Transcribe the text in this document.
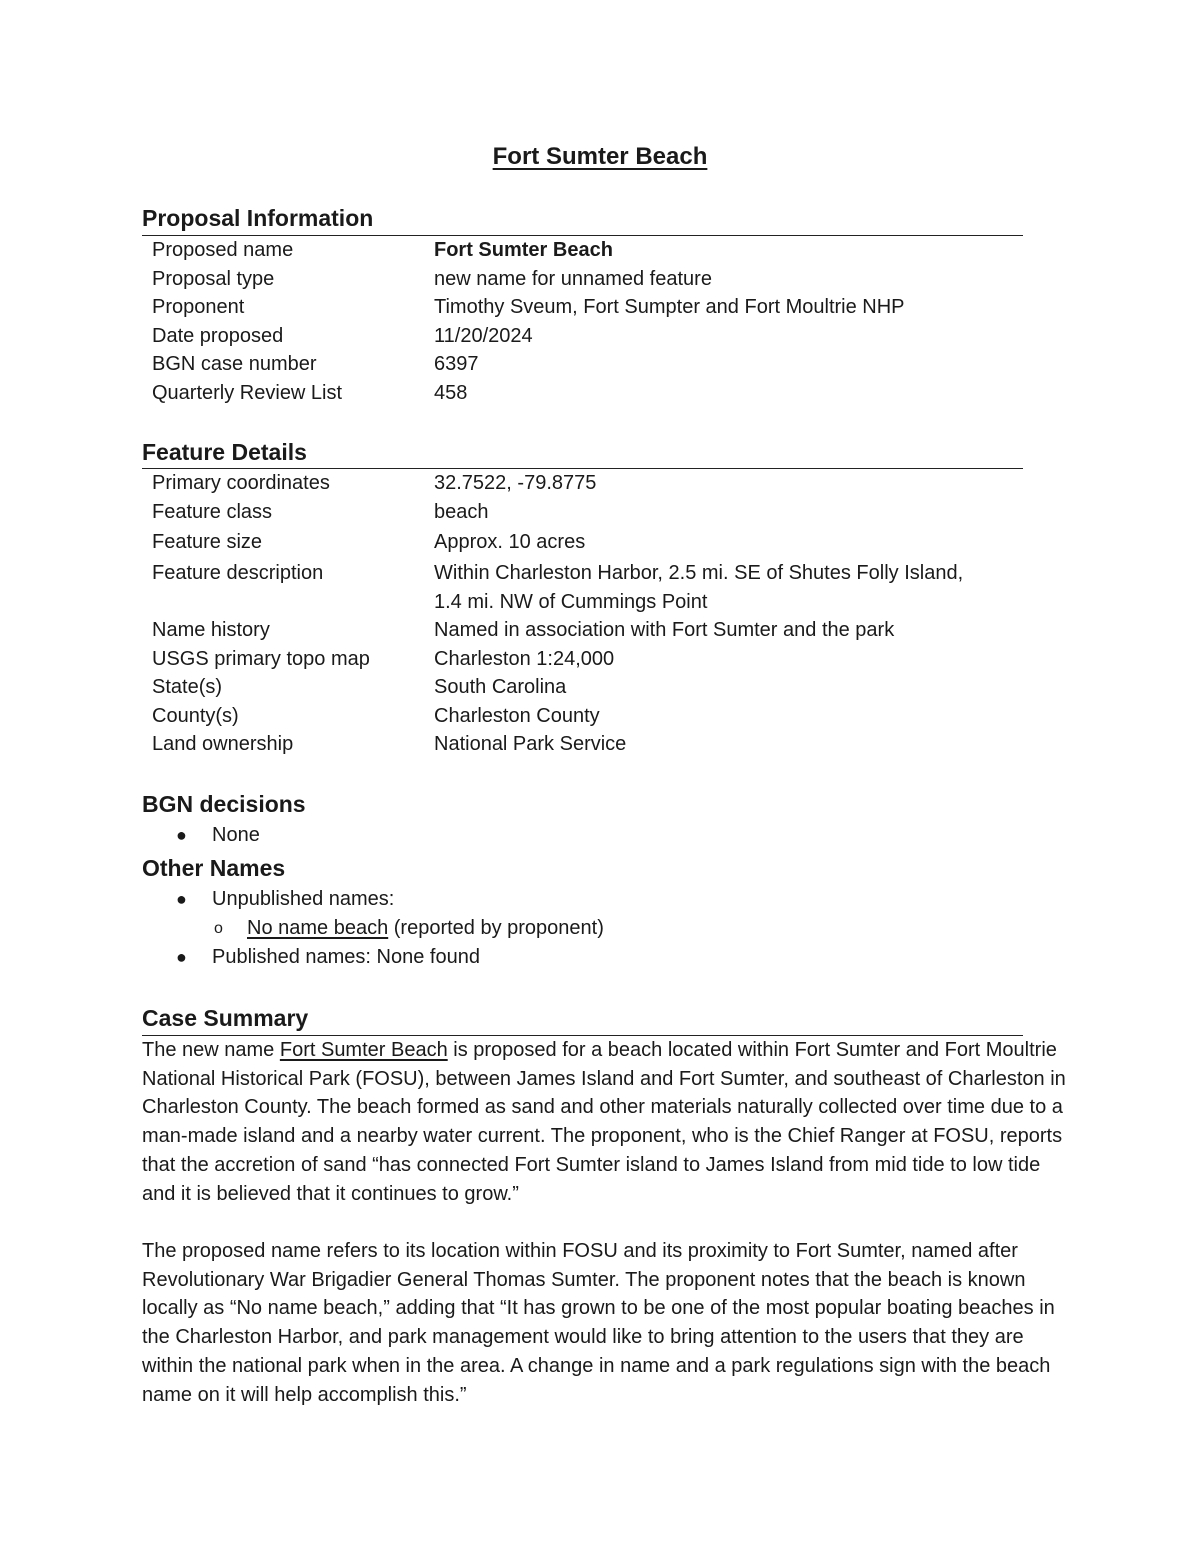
Fort Sumter Beach
Proposal Information
Proposed name	Fort Sumter Beach
Proposal type	new name for unnamed feature
Proponent	Timothy Sveum, Fort Sumpter and Fort Moultrie NHP
Date proposed	11/20/2024
BGN case number	6397
Quarterly Review List	458
Feature Details
Primary coordinates	32.7522, -79.8775
Feature class	beach
Feature size	Approx. 10 acres
Feature description	Within Charleston Harbor, 2.5 mi. SE of Shutes Folly Island,
1.4 mi. NW of Cummings Point
Name history	Named in association with Fort Sumter and the park
USGS primary topo map	Charleston 1:24,000
State(s)	South Carolina
County(s)	Charleston County
Land ownership	National Park Service
BGN decisions
● None
Other Names
● Unpublished names:
o No name beach (reported by proponent)
● Published names: None found
Case Summary

The new name Fort Sumter Beach is proposed for a beach located within Fort Sumter and Fort Moultrie National Historical Park (FOSU), between James Island and Fort Sumter, and southeast of Charleston in Charleston County. The beach formed as sand and other materials naturally collected over time due to a man-made island and a nearby water current. The proponent, who is the Chief Ranger at FOSU, reports that the accretion of sand “has connected Fort Sumter island to James Island from mid tide to low tide and it is believed that it continues to grow.”

The proposed name refers to its location within FOSU and its proximity to Fort Sumter, named after Revolutionary War Brigadier General Thomas Sumter. The proponent notes that the beach is known locally as “No name beach,” adding that “It has grown to be one of the most popular boating beaches in the Charleston Harbor, and park management would like to bring attention to the users that they are within the national park when in the area. A change in name and a park regulations sign with the beach name on it will help accomplish this.”
